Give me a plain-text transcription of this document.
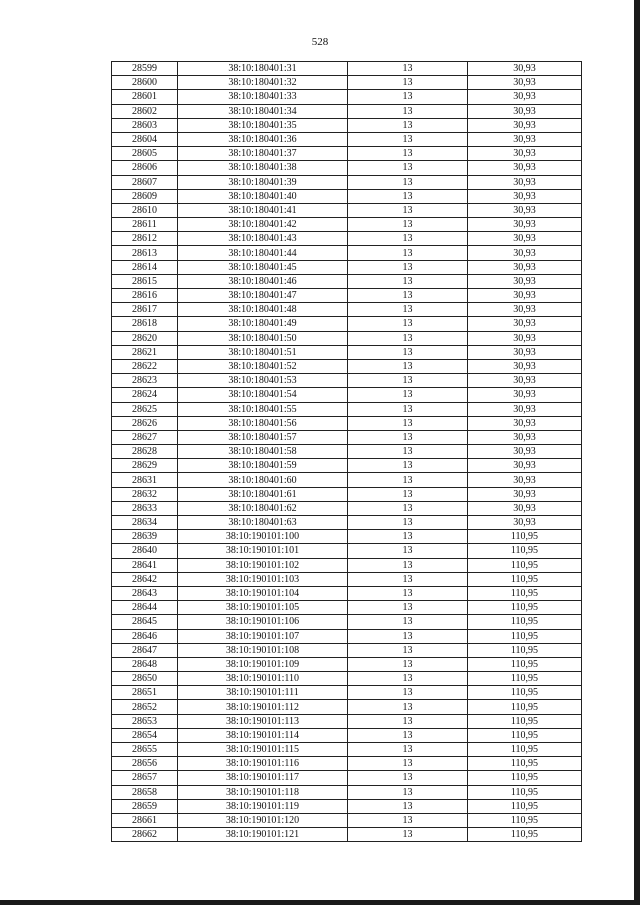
528
28599	38:10:180401:31	13	30,93
28600	38:10:180401:32	13	30,93
28601	38:10:180401:33	13	30,93
28602	38:10:180401:34	13	30,93
28603	38:10:180401:35	13	30,93
28604	38:10:180401:36	13	30,93
28605	38:10:180401:37	13	30,93
28606	38:10:180401:38	13	30,93
28607	38:10:180401:39	13	30,93
28609	38:10:180401:40	13	30,93
28610	38:10:180401:41	13	30,93
28611	38:10:180401:42	13	30,93
28612	38:10:180401:43	13	30,93
28613	38:10:180401:44	13	30,93
28614	38:10:180401:45	13	30,93
28615	38:10:180401:46	13	30,93
28616	38:10:180401:47	13	30,93
28617	38:10:180401:48	13	30,93
28618	38:10:180401:49	13	30,93
28620	38:10:180401:50	13	30,93
28621	38:10:180401:51	13	30,93
28622	38:10:180401:52	13	30,93
28623	38:10:180401:53	13	30,93
28624	38:10:180401:54	13	30,93
28625	38:10:180401:55	13	30,93
28626	38:10:180401:56	13	30,93
28627	38:10:180401:57	13	30,93
28628	38:10:180401:58	13	30,93
28629	38:10:180401:59	13	30,93
28631	38:10:180401:60	13	30,93
28632	38:10:180401:61	13	30,93
28633	38:10:180401:62	13	30,93
28634	38:10:180401:63	13	30,93
28639	38:10:190101:100	13	110,95
28640	38:10:190101:101	13	110,95
28641	38:10:190101:102	13	110,95
28642	38:10:190101:103	13	110,95
28643	38:10:190101:104	13	110,95
28644	38:10:190101:105	13	110,95
28645	38:10:190101:106	13	110,95
28646	38:10:190101:107	13	110,95
28647	38:10:190101:108	13	110,95
28648	38:10:190101:109	13	110,95
28650	38:10:190101:110	13	110,95
28651	38:10:190101:111	13	110,95
28652	38:10:190101:112	13	110,95
28653	38:10:190101:113	13	110,95
28654	38:10:190101:114	13	110,95
28655	38:10:190101:115	13	110,95
28656	38:10:190101:116	13	110,95
28657	38:10:190101:117	13	110,95
28658	38:10:190101:118	13	110,95
28659	38:10:190101:119	13	110,95
28661	38:10:190101:120	13	110,95
28662	38:10:190101:121	13	110,95
